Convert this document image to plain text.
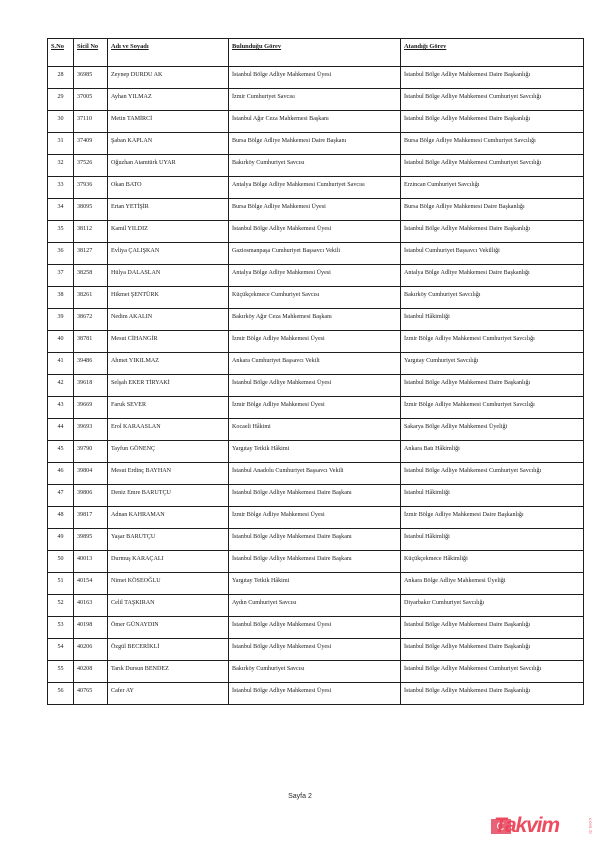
S.No	Sicil No	Adı ve Soyadı	Bulunduğu Görev	Atandığı Görev
28	36985	Zeynep DURDU AK	İstanbul Bölge Adliye Mahkemesi Üyesi	İstanbul Bölge Adliye Mahkemesi Daire Başkanlığı
29	37005	Ayhan YILMAZ	İzmir Cumhuriyet Savcısı	İstanbul Bölge Adliye Mahkemesi Cumhuriyet Savcılığı
30	37110	Metin TAMİRCİ	İstanbul Ağır Ceza Mahkemesi Başkanı	İstanbul Bölge Adliye Mahkemesi Daire Başkanlığı
31	37409	Şaban KAPLAN	Bursa Bölge Adliye Mahkemesi Daire Başkanı	Bursa Bölge Adliye Mahkemesi Cumhuriyet Savcılığı
32	37526	Oğuzhan Atamtürk UYAR	Bakırköy Cumhuriyet Savcısı	İstanbul Bölge Adliye Mahkemesi Cumhuriyet Savcılığı
33	37936	Okan BATO	Antalya Bölge Adliye Mahkemesi Cumhuriyet Savcısı	Erzincan Cumhuriyet Savcılığı
34	38095	Ertan YETİŞİR	Bursa Bölge Adliye Mahkemesi Üyesi	Bursa Bölge Adliye Mahkemesi Daire Başkanlığı
35	38112	Kamil YILDIZ	İstanbul Bölge Adliye Mahkemesi Üyesi	İstanbul Bölge Adliye Mahkemesi Daire Başkanlığı
36	38127	Evliya ÇALIŞKAN	Gaziosmanpaşa Cumhuriyet Başsavcı Vekili	İstanbul Cumhuriyet Başsavcı Vekilliği
37	38258	Hülya DALASLAN	Antalya Bölge Adliye Mahkemesi Üyesi	Antalya Bölge Adliye Mahkemesi Daire Başkanlığı
38	38261	Hikmet ŞENTÜRK	Küçükçekmece Cumhuriyet Savcısı	Bakırköy Cumhuriyet Savcılığı
39	38672	Nedim AKALIN	Bakırköy Ağır Ceza Mahkemesi Başkanı	İstanbul Hâkimliği
40	38781	Mesut CİHANGİR	İzmir Bölge Adliye Mahkemesi Üyesi	İzmir Bölge Adliye Mahkemesi Cumhuriyet Savcılığı
41	39486	Ahmet YIKILMAZ	Ankara Cumhuriyet Başsavcı Vekili	Yargıtay Cumhuriyet Savcılığı
42	39618	Selşah EKER TİRYAKİ	İstanbul Bölge Adliye Mahkemesi Üyesi	İstanbul Bölge Adliye Mahkemesi Daire Başkanlığı
43	39669	Faruk SEVER	İzmir Bölge Adliye Mahkemesi Üyesi	İzmir Bölge Adliye Mahkemesi Cumhuriyet Savcılığı
44	39693	Erol KARAASLAN	Kocaeli Hâkimi	Sakarya Bölge Adliye Mahkemesi Üyeliği
45	39790	Tayfun GÖNENÇ	Yargıtay Tetkik Hâkimi	Ankara Batı Hâkimliği
46	39804	Mesut Erdinç BAYHAN	İstanbul Anadolu Cumhuriyet Başsavcı Vekili	İstanbul Bölge Adliye Mahkemesi Cumhuriyet Savcılığı
47	39806	Deniz Emre BARUTÇU	İstanbul Bölge Adliye Mahkemesi Daire Başkanı	İstanbul Hâkimliği
48	39817	Adnan KAHRAMAN	İzmir Bölge Adliye Mahkemesi Üyesi	İzmir Bölge Adliye Mahkemesi Daire Başkanlığı
49	39895	Yaşar BARUTÇU	İstanbul Bölge Adliye Mahkemesi Daire Başkanı	İstanbul Hâkimliği
50	40013	Durmuş KARAÇALI	İstanbul Bölge Adliye Mahkemesi Daire Başkanı	Küçükçekmece Hâkimliği
51	40154	Nimet KÖSEOĞLU	Yargıtay Tetkik Hâkimi	Ankara Bölge Adliye Mahkemesi Üyeliği
52	40163	Celil TAŞKIRAN	Aydın Cumhuriyet Savcısı	Diyarbakır Cumhuriyet Savcılığı
53	40198	Ömer GÜNAYDIN	İstanbul Bölge Adliye Mahkemesi Üyesi	İstanbul Bölge Adliye Mahkemesi Daire Başkanlığı
54	40206	Özgül BECERİKLİ	İstanbul Bölge Adliye Mahkemesi Üyesi	İstanbul Bölge Adliye Mahkemesi Daire Başkanlığı
55	40208	Tarık Dursun BENDEZ	Bakırköy Cumhuriyet Savcısı	İstanbul Bölge Adliye Mahkemesi Cumhuriyet Savcılığı
56	40765	Cafer AY	İstanbul Bölge Adliye Mahkemesi Üyesi	İstanbul Bölge Adliye Mahkemesi Daire Başkanlığı
Sayfa 2
Takvim	com.tr
